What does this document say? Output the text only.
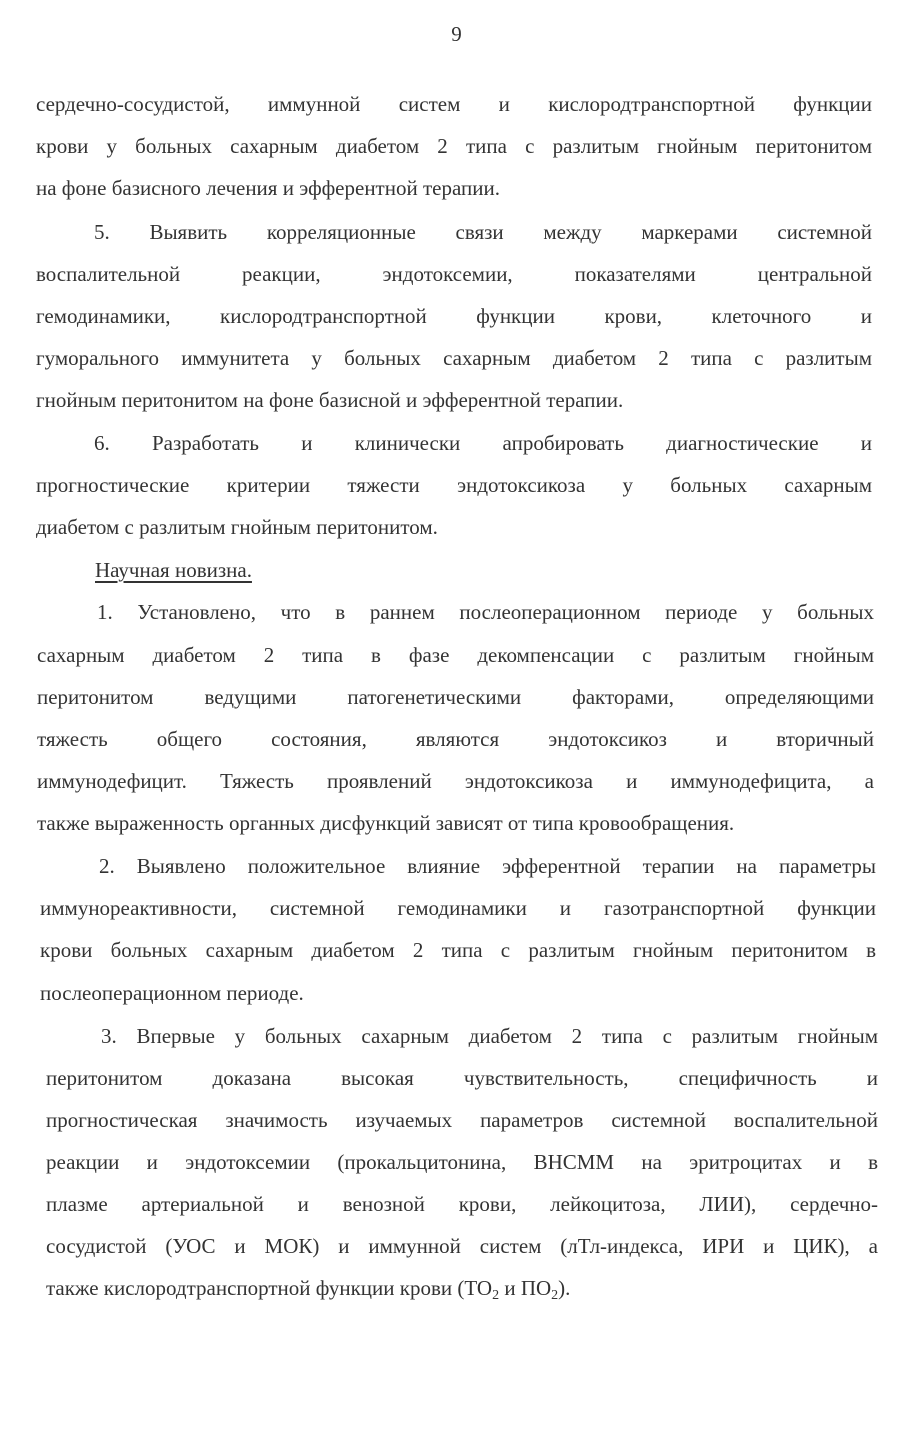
9
сердечно-сосудистой, иммунной систем и кислородтранспортной функции
крови у больных сахарным диабетом 2 типа с разлитым гнойным перитонитом
на фоне базисного лечения и эфферентной терапии.
5. Выявить корреляционные связи между маркерами системной
воспалительной реакции, эндотоксемии, показателями центральной
гемодинамики, кислородтранспортной функции крови, клеточного и
гуморального иммунитета у больных сахарным диабетом 2 типа с разлитым
гнойным перитонитом на фоне базисной и эфферентной терапии.
6. Разработать и клинически апробировать диагностические и
прогностические критерии тяжести эндотоксикоза у больных сахарным
диабетом с разлитым гнойным перитонитом.
Научная новизна.
1. Установлено, что в раннем послеоперационном периоде у больных
сахарным диабетом 2 типа в фазе декомпенсации с разлитым гнойным
перитонитом ведущими патогенетическими факторами, определяющими
тяжесть общего состояния, являются эндотоксикоз и вторичный
иммунодефицит. Тяжесть проявлений эндотоксикоза и иммунодефицита, а
также выраженность органных дисфункций зависят от типа кровообращения.
2. Выявлено положительное влияние эфферентной терапии на параметры
иммунореактивности, системной гемодинамики и газотранспортной функции
крови больных сахарным диабетом 2 типа с разлитым гнойным перитонитом в
послеоперационном периоде.
3. Впервые у больных сахарным диабетом 2 типа с разлитым гнойным
перитонитом доказана высокая чувствительность, специфичность и
прогностическая значимость изучаемых параметров системной воспалительной
реакции и эндотоксемии (прокальцитонина, ВНСММ на эритроцитах и в
плазме артериальной и венозной крови, лейкоцитоза, ЛИИ), сердечно-
сосудистой (УОС и МОК) и иммунной систем (лТл-индекса, ИРИ и ЦИК), а
также кислородтранспортной функции крови ($ТО_2$ и $ПО_2$).
